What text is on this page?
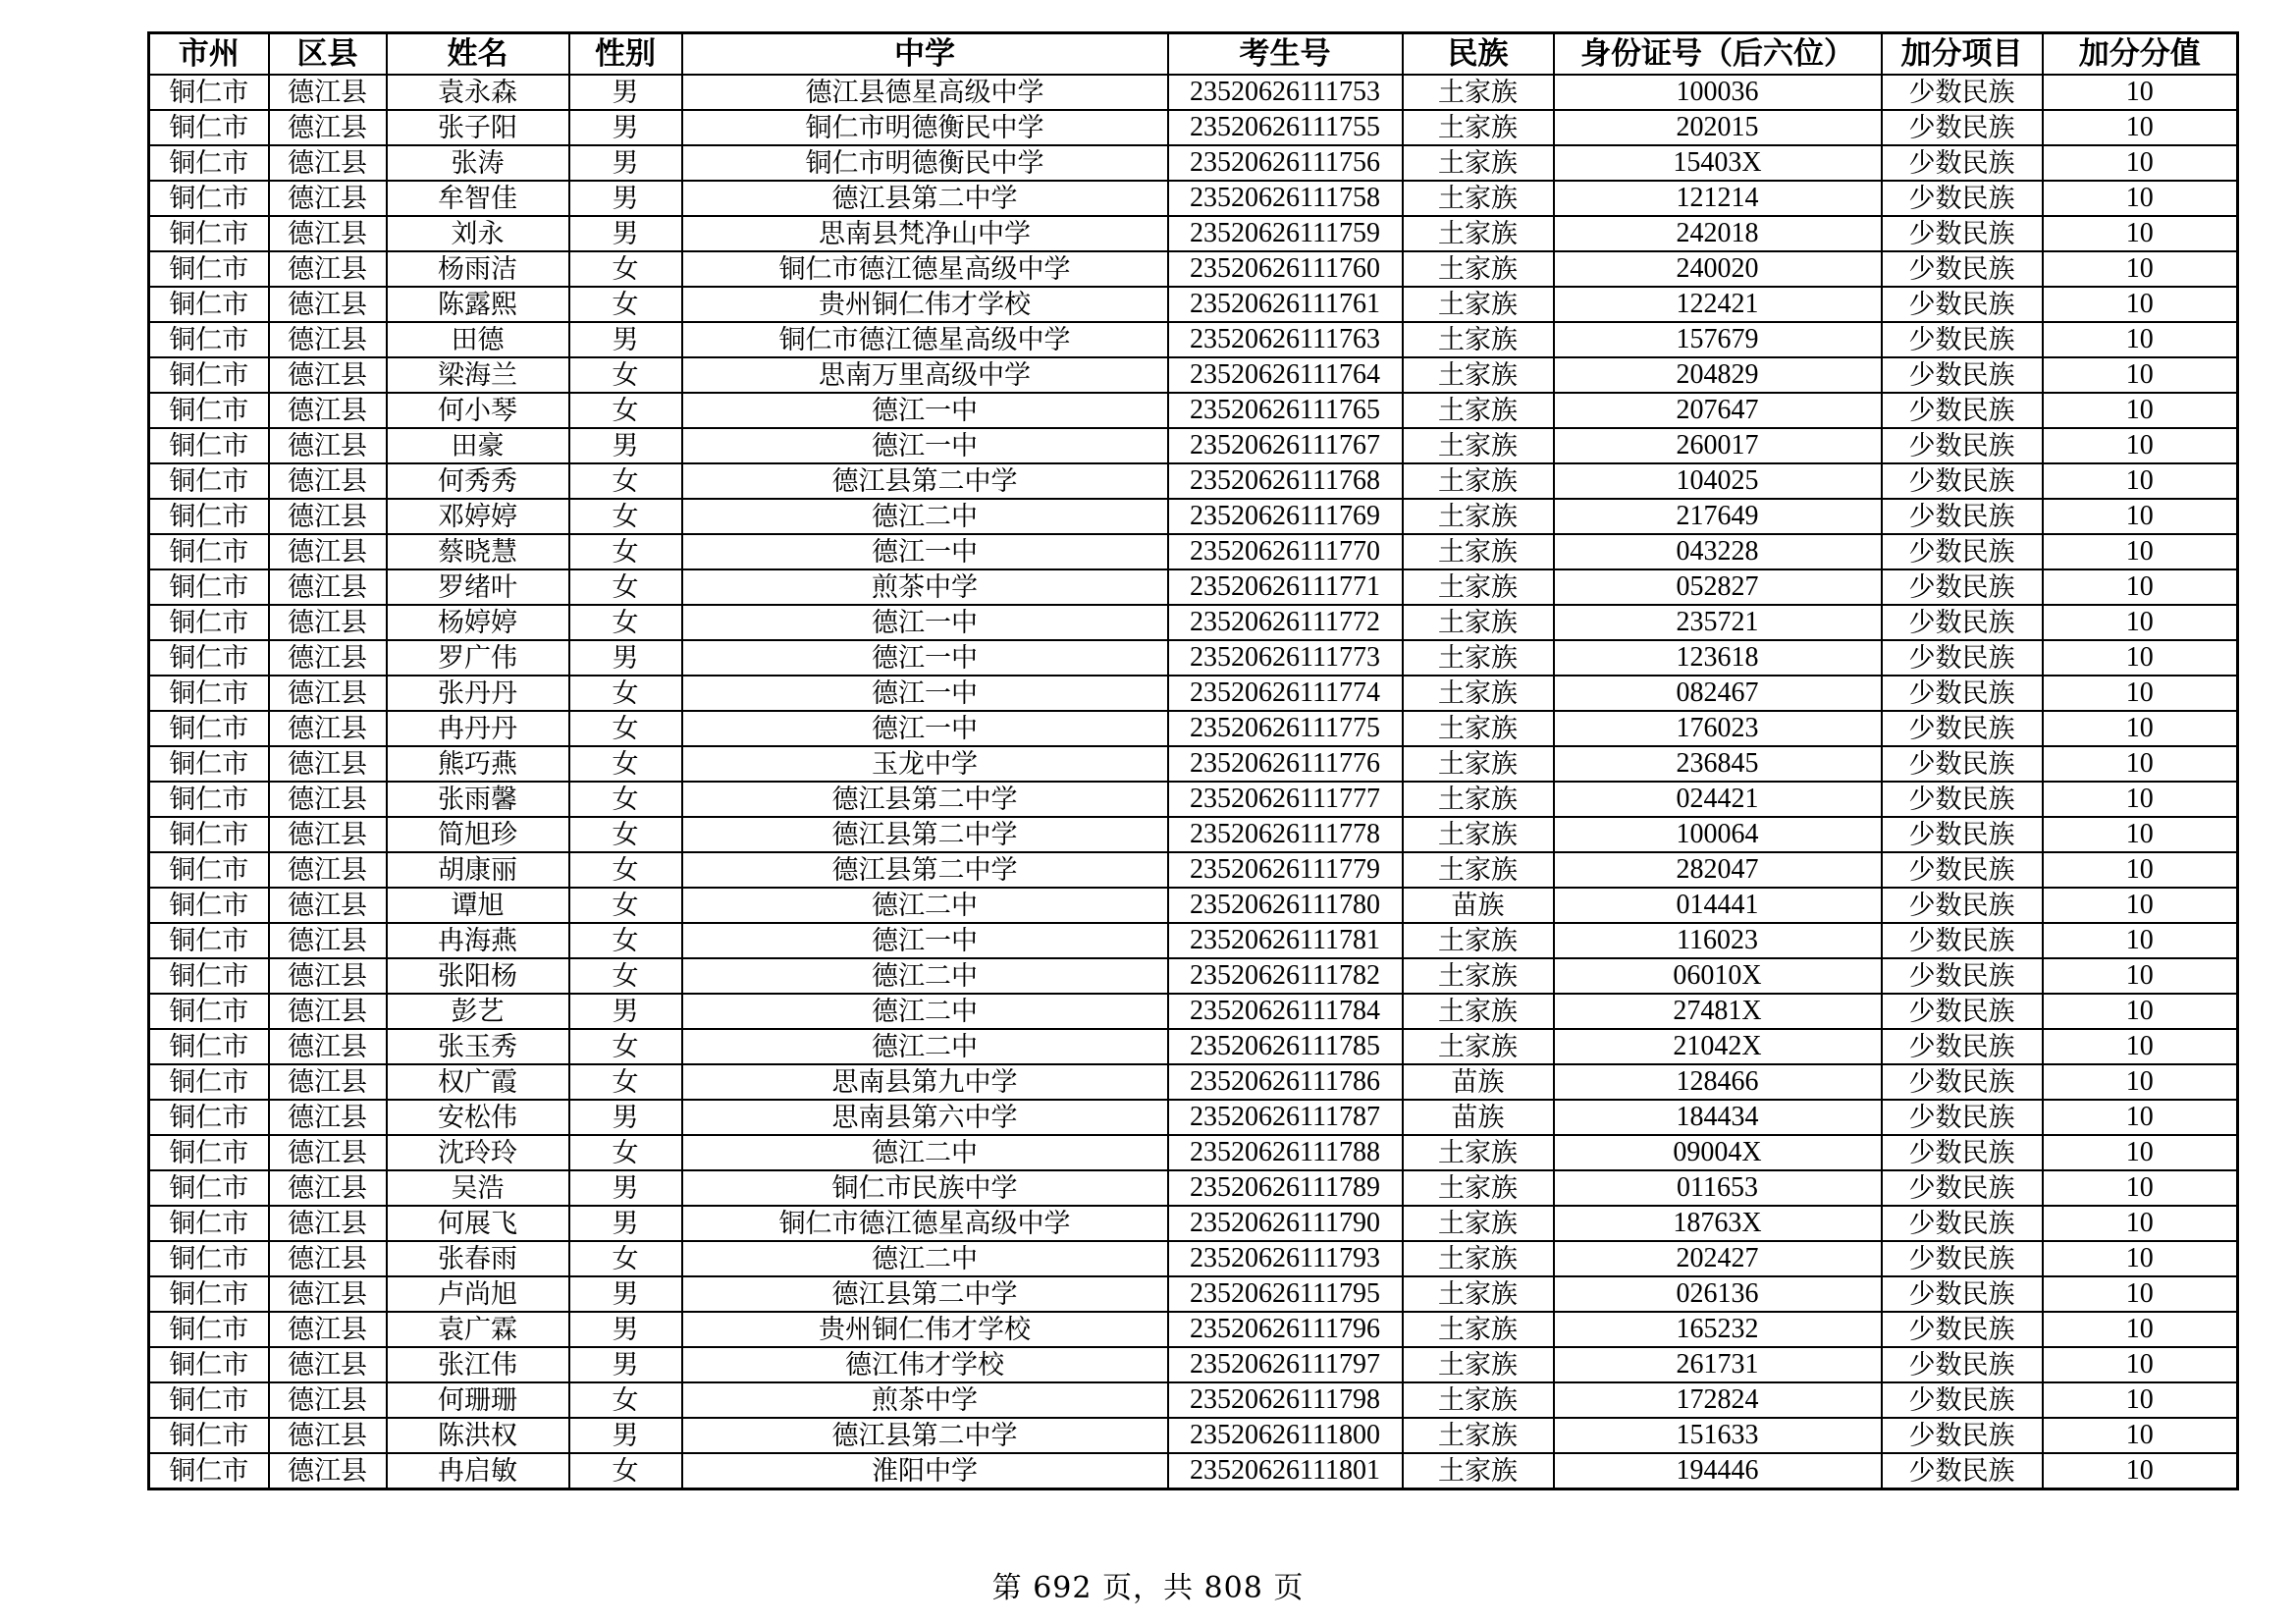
市州	区县	姓名	性别	中学	考生号	民族	身份证号（后六位）	加分项目	加分分值
铜仁市	德江县	袁永森	男	德江县德星高级中学	23520626111753	土家族	100036	少数民族	10
铜仁市	德江县	张子阳	男	铜仁市明德衡民中学	23520626111755	土家族	202015	少数民族	10
铜仁市	德江县	张涛	男	铜仁市明德衡民中学	23520626111756	土家族	15403X	少数民族	10
铜仁市	德江县	牟智佳	男	德江县第二中学	23520626111758	土家族	121214	少数民族	10
铜仁市	德江县	刘永	男	思南县梵净山中学	23520626111759	土家族	242018	少数民族	10
铜仁市	德江县	杨雨洁	女	铜仁市德江德星高级中学	23520626111760	土家族	240020	少数民族	10
铜仁市	德江县	陈露熙	女	贵州铜仁伟才学校	23520626111761	土家族	122421	少数民族	10
铜仁市	德江县	田德	男	铜仁市德江德星高级中学	23520626111763	土家族	157679	少数民族	10
铜仁市	德江县	梁海兰	女	思南万里高级中学	23520626111764	土家族	204829	少数民族	10
铜仁市	德江县	何小琴	女	德江一中	23520626111765	土家族	207647	少数民族	10
铜仁市	德江县	田豪	男	德江一中	23520626111767	土家族	260017	少数民族	10
铜仁市	德江县	何秀秀	女	德江县第二中学	23520626111768	土家族	104025	少数民族	10
铜仁市	德江县	邓婷婷	女	德江二中	23520626111769	土家族	217649	少数民族	10
铜仁市	德江县	蔡晓慧	女	德江一中	23520626111770	土家族	043228	少数民族	10
铜仁市	德江县	罗绪叶	女	煎茶中学	23520626111771	土家族	052827	少数民族	10
铜仁市	德江县	杨婷婷	女	德江一中	23520626111772	土家族	235721	少数民族	10
铜仁市	德江县	罗广伟	男	德江一中	23520626111773	土家族	123618	少数民族	10
铜仁市	德江县	张丹丹	女	德江一中	23520626111774	土家族	082467	少数民族	10
铜仁市	德江县	冉丹丹	女	德江一中	23520626111775	土家族	176023	少数民族	10
铜仁市	德江县	熊巧燕	女	玉龙中学	23520626111776	土家族	236845	少数民族	10
铜仁市	德江县	张雨馨	女	德江县第二中学	23520626111777	土家族	024421	少数民族	10
铜仁市	德江县	简旭珍	女	德江县第二中学	23520626111778	土家族	100064	少数民族	10
铜仁市	德江县	胡康丽	女	德江县第二中学	23520626111779	土家族	282047	少数民族	10
铜仁市	德江县	谭旭	女	德江二中	23520626111780	苗族	014441	少数民族	10
铜仁市	德江县	冉海燕	女	德江一中	23520626111781	土家族	116023	少数民族	10
铜仁市	德江县	张阳杨	女	德江二中	23520626111782	土家族	06010X	少数民族	10
铜仁市	德江县	彭艺	男	德江二中	23520626111784	土家族	27481X	少数民族	10
铜仁市	德江县	张玉秀	女	德江二中	23520626111785	土家族	21042X	少数民族	10
铜仁市	德江县	权广霞	女	思南县第九中学	23520626111786	苗族	128466	少数民族	10
铜仁市	德江县	安松伟	男	思南县第六中学	23520626111787	苗族	184434	少数民族	10
铜仁市	德江县	沈玲玲	女	德江二中	23520626111788	土家族	09004X	少数民族	10
铜仁市	德江县	吴浩	男	铜仁市民族中学	23520626111789	土家族	011653	少数民族	10
铜仁市	德江县	何展飞	男	铜仁市德江德星高级中学	23520626111790	土家族	18763X	少数民族	10
铜仁市	德江县	张春雨	女	德江二中	23520626111793	土家族	202427	少数民族	10
铜仁市	德江县	卢尚旭	男	德江县第二中学	23520626111795	土家族	026136	少数民族	10
铜仁市	德江县	袁广霖	男	贵州铜仁伟才学校	23520626111796	土家族	165232	少数民族	10
铜仁市	德江县	张江伟	男	德江伟才学校	23520626111797	土家族	261731	少数民族	10
铜仁市	德江县	何珊珊	女	煎茶中学	23520626111798	土家族	172824	少数民族	10
铜仁市	德江县	陈洪权	男	德江县第二中学	23520626111800	土家族	151633	少数民族	10
铜仁市	德江县	冉启敏	女	淮阳中学	23520626111801	土家族	194446	少数民族	10
第 692 页，共 808 页
